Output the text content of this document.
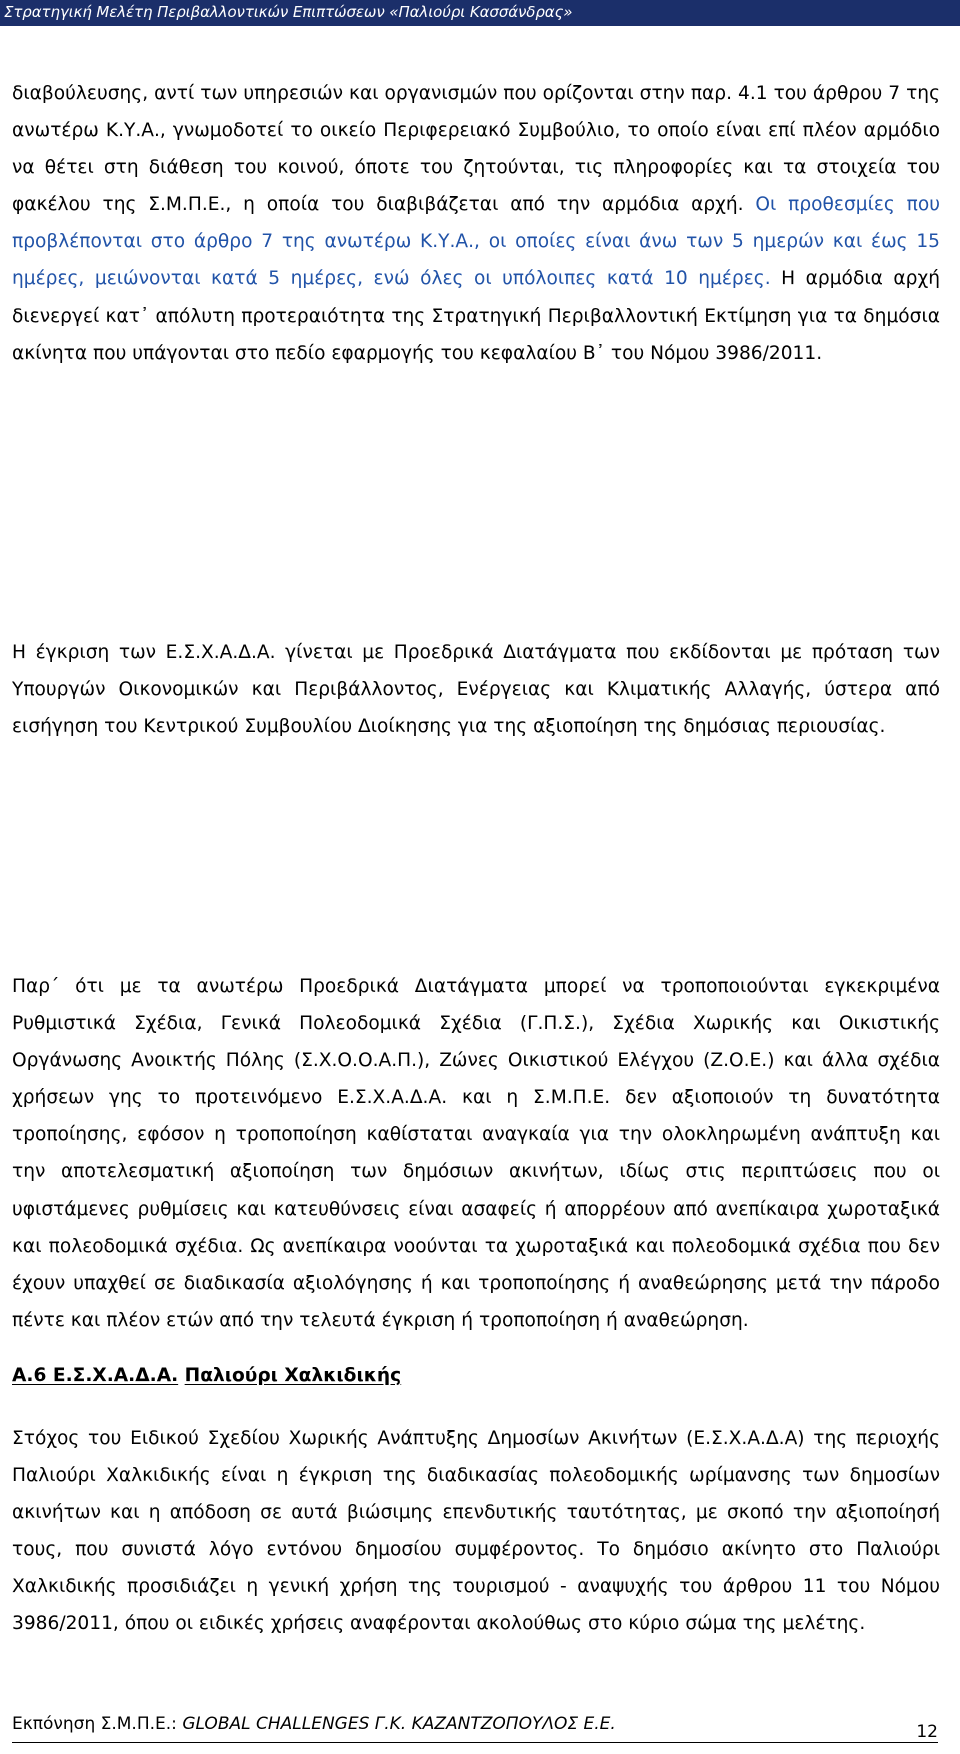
Στρατηγική Μελέτη Περιβαλλοντικών Επιπτώσεων «Παλιούρι Κασσάνδρας»

διαβούλευσης, αντί των υπηρεσιών και οργανισμών που ορίζονται στην παρ. 4.1 του άρθρου 7 της ανωτέρω Κ.Υ.Α., γνωμοδοτεί το οικείο Περιφερειακό Συμβούλιο, το οποίο είναι επί πλέον αρμόδιο να θέτει στη διάθεση του κοινού, όποτε του ζητούνται, τις πληροφορίες και τα στοιχεία του φακέλου της Σ.Μ.Π.Ε., η οποία του διαβιβάζεται από την αρμόδια αρχή. Οι προθεσμίες που προβλέπονται στο άρθρο 7 της ανωτέρω Κ.Υ.Α., οι οποίες είναι άνω των 5 ημερών και έως 15 ημέρες, μειώνονται κατά 5 ημέρες, ενώ όλες οι υπόλοιπες κατά 10 ημέρες. Η αρμόδια αρχή διενεργεί κατ᾽ απόλυτη προτεραιότητα της Στρατηγική Περιβαλλοντική Εκτίμηση για τα δημόσια ακίνητα που υπάγονται στο πεδίο εφαρμογής του κεφαλαίου Β᾽ του Νόμου 3986/2011.

Η έγκριση των Ε.Σ.Χ.Α.Δ.Α. γίνεται με Προεδρικά Διατάγματα που εκδίδονται με πρόταση των Υπουργών Οικονομικών και Περιβάλλοντος, Ενέργειας και Κλιματικής Αλλαγής, ύστερα από εισήγηση του Κεντρικού Συμβουλίου Διοίκησης για της αξιοποίηση της δημόσιας περιουσίας.

Παρ΄ ότι με τα ανωτέρω Προεδρικά Διατάγματα μπορεί να τροποποιούνται εγκεκριμένα Ρυθμιστικά Σχέδια, Γενικά Πολεοδομικά Σχέδια (Γ.Π.Σ.), Σχέδια Χωρικής και Οικιστικής Οργάνωσης Ανοικτής Πόλης (Σ.Χ.Ο.Ο.Α.Π.), Ζώνες Οικιστικού Ελέγχου (Ζ.Ο.Ε.) και άλλα σχέδια χρήσεων γης το προτεινόμενο Ε.Σ.Χ.Α.Δ.Α. και η Σ.Μ.Π.Ε. δεν αξιοποιούν τη δυνατότητα τροποίησης, εφόσον η τροποποίηση καθίσταται αναγκαία για την ολοκληρωμένη ανάπτυξη και την αποτελεσματική αξιοποίηση των δημόσιων ακινήτων, ιδίως στις περιπτώσεις που οι υφιστάμενες ρυθμίσεις και κατευθύνσεις είναι ασαφείς ή απορρέουν από ανεπίκαιρα χωροταξικά και πολεοδομικά σχέδια. Ως ανεπίκαιρα νοούνται τα χωροταξικά και πολεοδομικά σχέδια που δεν έχουν υπαχθεί σε διαδικασία αξιολόγησης ή και τροποποίησης ή αναθεώρησης μετά την πάροδο πέντε και πλέον ετών από την τελευτά έγκριση ή τροποποίηση ή αναθεώρηση.

Α.6 Ε.Σ.Χ.Α.Δ.Α. Παλιούρι Χαλκιδικής

Στόχος του Ειδικού Σχεδίου Χωρικής Ανάπτυξης Δημοσίων Ακινήτων (Ε.Σ.Χ.Α.Δ.Α) της περιοχής Παλιούρι Χαλκιδικής είναι η έγκριση της διαδικασίας πολεοδομικής ωρίμανσης των δημοσίων ακινήτων και η απόδοση σε αυτά βιώσιμης επενδυτικής ταυτότητας, με σκοπό την αξιοποίησή τους, που συνιστά λόγο εντόνου δημοσίου συμφέροντος. Το δημόσιο ακίνητο στο Παλιούρι Χαλκιδικής προσιδιάζει η γενική χρήση της τουρισμού - αναψυχής του άρθρου 11 του Νόμου 3986/2011, όπου οι ειδικές χρήσεις αναφέρονται ακολούθως στο κύριο σώμα της μελέτης.

Εκπόνηση Σ.Μ.Π.Ε.: GLOBAL CHALLENGES Γ.Κ. ΚΑΖΑΝΤΖΟΠΟΥΛΟΣ Ε.Ε.	12
